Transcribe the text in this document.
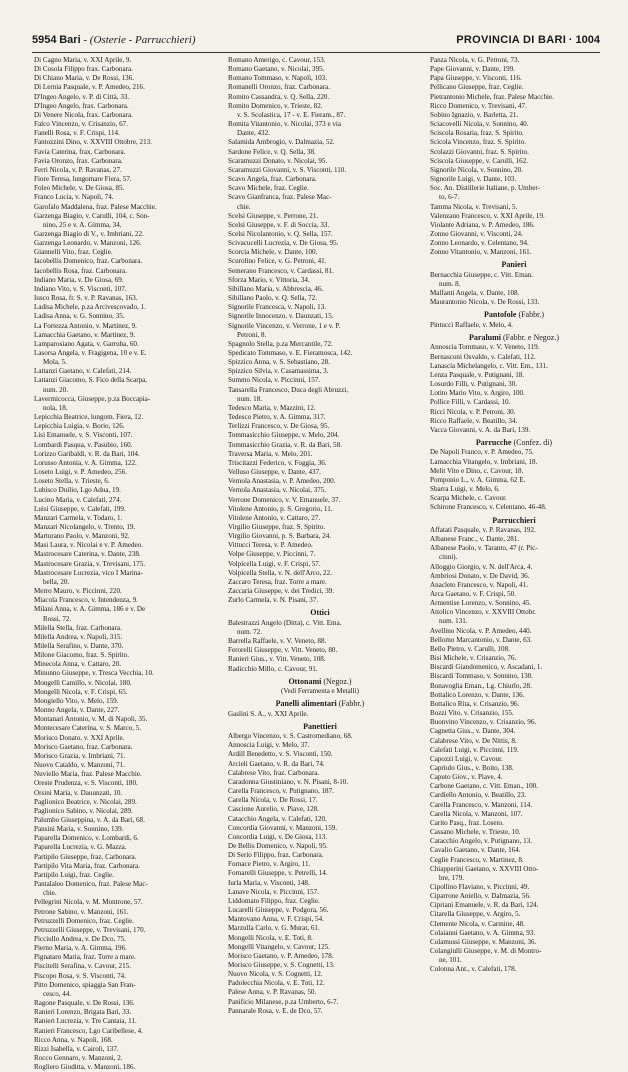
5954 Bari - (Osterie - Parrucchieri)	PROVINCIA DI BARI · 1004
Di Cagno Maria, v. XXI Aprile, 9.
Di Cosola Filippo frax. Carbonara.
Di Chiano Maria, v. De Rossi, 136.
Di Lernia Pasquale, v. P. Amedeo, 216.
D'Ingeo Angelo, v. P. di Città, 33.
D'Ingeo Angelo, frax. Carbonara.
Di Venere Nicola, frax. Carbonara.
Falco Vincenzo, v. Crisanzio, 67.
Fanelli Rosa, v. F. Crispi, 114.
Fantozzini Dino, v. XXVIII Ottobre, 213.
Favia Caterina, frax. Carbonara.
Favia Oronzo, frax. Carbonara.
Ferri Nicola, v. P. Ravanas, 27.
Fiore Teresa, lungomare Fiera, 57.
Foleo Michele, v. De Giosa, 85.
Franco Lucia, v. Napoli, 74.
Garofalo Maddalena, fraz. Palese Macchie.
Garzenga Biagio, v. Carulli, 104, c. Son-
nino, 25 e v. A. Gimma, 34.
Garzenga Biagio di V., v. Imbriani, 22.
Garzenga Leonardo, v. Manzoni, 126.
Giannelli Vito, fraz. Ceglie.
Iacobellis Domenico, fraz. Carbonara.
Iacobellis Rosa, fraz. Carbonara.
Indiano Maria, v. De Giosa, 69.
Indiano Vito, v. S. Visconti, 107.
Iusco Rosa, fr. S. v. P. Ravanas, 163.
Ladisa Michele, p.za Arcivescovado, 1.
Ladisa Anna, v. G. Sonnino, 35.
La Fortezza Antonio, v. Martinez, 9.
Lamacchia Gaetano, v. Martinez, 9.
Lamparosiano Agata, v. Garruba, 60.
Lasorsa Angela, v. Fragigena, 10 e v. E.
Mola, 5.
Lattanzi Gaetano, v. Calefati, 214.
Lattanzi Giacomo, S. Fico della Scarpa,
num. 20.
Lavermicocca, Giuseppe, p.za Boccapia-
nola, 18.
Lepicchia Beatrice, lungom. Fiera, 12.
Lepicchia Luigia, v. Borio, 126.
Lisi Emanuele, v. S. Visconti, 107.
Lombardi Pasqua, v. Pasubio, 160.
Lorizzo Garibaldi, v. R. da Bari, 104.
Lorusso Antonia, v. A. Gimma, 122.
Loseto Luigi, v. P. Amedeo, 256.
Loseto Stella, v. Trieste, 6.
Lubisco Duilio, Lgo Adua, 19.
Lucino Maria, v. Calefati, 274.
Luisi Giuseppe, v. Calefati, 199.
Manzari Carmela, v. Todaro, 1.
Manzari Nicolangelo, v. Trento, 19.
Marturano Paolo, v. Manzoni, 92.
Masi Laura, v. Nicolai e v. P. Amedeo.
Mastrocesare Caterina, v. Dante, 238.
Mastrocesare Grazia, v. Trevisani, 175.
Mastrocesare Lucrezia, vico I Marina-
bella, 20.
Merro Mauro, v. Piccinni, 220.
Miacola Francesco, v. Intendenza, 9.
Milani Anna, v. A. Gimma, 186 e v. De
Rossi, 72.
Milella Stella, fraz. Carbonara.
Milella Andrea, v. Napoli, 315.
Milella Serafino, v. Dante, 370.
Milone Giacomo, fraz. S. Spirito.
Minecola Anna, v. Cattaro, 20.
Minunno Giuseppe, v. Tresca Vecchia, 10.
Mongelli Camillo, v. Nicolai, 180.
Mongelli Nicola, v. F. Crispi, 65.
Mongiello Vito, v. Melo, 159.
Monno Angela, v. Dante, 227.
Montanari Antonio, v. M. di Napoli, 35.
Montecesare Caterina, v. S. Marco, 5.
Morisco Donato, v. XXI Aprile.
Morisco Gaetano, fraz. Carbonara.
Morisco Grazia, v. Imbriani, 71.
Nuovo Cataldo, v. Manzoni, 71.
Nuviello Maria, fraz. Palese Macchie.
Oreste Prudenza, v. S. Visconti, 180.
Orsini Maria, v. Dauunzati, 10.
Paglionico Beatrice, v. Nicolai, 289.
Paglionico Sabino, v. Nicolai, 289.
Palumbo Giuseppina, v. A. da Bari, 68.
Pansini Maria, v. Sonnino, 139.
Paparella Domenico, v. Lombardi, 6.
Paparella Lucrezia, v. G. Mazza.
Partipilo Giuseppe, fraz. Carbonara.
Partipilo Vita Maria, fraz. Carbonara.
Partipilo Luigi, fraz. Ceglie.
Pantalaleo Domenico, fraz. Palese Mac-
chie.
Pellegrini Nicola, v. M. Montrone, 57.
Petrone Sabino, v. Manzoni, 161.
Petruzzelli Domenico, fraz. Ceglie.
Petruzzelli Giuseppe, v. Trevisani, 170.
Picciullo Andrea, v. De Dco, 75.
Pierno Maria, v. A. Gimma, 196.
Pignataro Maria, fraz. Torre a mare.
Piscitelli Serafina, v. Cavour, 215.
Piscopo Rosa, v. S. Visconti, 74.
Pitto Domenico, spiaggia San Fran-
cesco, 44.
Ragone Pasquale, v. De Rossi, 136.
Ranieri Lorenzo, Brigata Bari, 33.
Ranieri Lucrezia, v. Tre Cantaia, 11.
Ranieri Francesco, Lgo Caribellese, 4.
Ricco Anna, v. Napoli, 168.
Rizzi Isabella, v. Cairoli, 137.
Rocco Gennaro, v. Manzoni, 2.
Rogliero Giuditta, v. Manzoni, 186.
Romano Amerigo, c. Cavour, 153.
Romano Gaetano, v. Nicolai, 395.
Romano Tommaso, v. Napoli, 103.
Romanelli Oronzo, fraz. Carbonara.
Romito Cassandra, v. Q. Sella, 220.
Romito Domenico, v. Trieste, 82.
v. S. Scolastica, 17 - v. E. Fieram., 87.
Romita Vitantonio, v. Nicolai, 373 e via
Dante, 432.
Salamida Ambrogio, v. Dalmazia, 52.
Sardone Felice, v. Q. Sella, 38.
Scaramuzzi Donato, v. Nicolai, 95.
Scaramuzzi Giovanni, v. S. Visconti, 110.
Scavo Angela, fraz. Carbonara.
Scavo Michele, fraz. Ceglie.
Scavo Gianfranca, fraz. Palese Mac-
chie.
Scelsi Giuseppe, v. Perrone, 21.
Scelsi Giuseppe, v. F. di Soccia, 33.
Scelsi Nicolantonio, v. Q. Sella, 157.
Scivacucelli Lucrezia, v. De Giosa, 95.
Scorcia Michele, v. Dante, 100.
Scurolino Felice, v. G. Petroni, 41.
Semerano Francesco, v. Cardassi, 81.
Sforza Mario, v. Vittoria, 34.
Sibillano Maria, v. Abbrescia, 46.
Sibillano Paolo, v. Q. Sella, 72.
Signorile Francesca, v. Napoli, 13.
Signorile Innocenzo, v. Daunzati, 15.
Signorile Vincenzo, v. Verrone, 1 e v. P.
Petroni, 8.
Spagnolo Stella, p.za Mercantile, 72.
Spedicato Tommaso, v. E. Fieramosca, 142.
Spizzico Anna, v. S. Sebastiano, 28.
Spizzico Silvia, v. Casamassima, 3.
Summo Nicola, v. Piccinni, 157.
Tansarella Francesco, Duca degli Abruzzi,
num. 18.
Tedesco Maria, v. Mazzini, 12.
Tedesco Pietro, v. A. Gimma, 317.
Terlizzi Francesco, v. De Giosa, 95.
Tommasicchio Giuseppe, v. Melo, 204.
Tommasicchio Grazia, v. R. da Bari, 58.
Traversa Maria, v. Melo, 201.
Triscitazzi Federico, v. Foggia, 36.
Velluso Giuseppe, v. Dante, 437.
Vernola Anastasia, v. P. Amedeo, 200.
Vernola Anastasia, v. Nicolai, 375.
Verrone Domenico, v. V. Emanuele, 37.
Vitolene Antonio, p. S. Gregorio, 11.
Vitolene Antonio, v. Cattaro, 27.
Virgilio Giuseppe, fraz. S. Spirito.
Virgilio Giovanni, p. S. Barbara, 24.
Vittucci Teresa, v. P. Amedeo.
Volpe Giuseppe, v. Piccinni, 7.
Volpicella Luigi, v. F. Crispi, 57.
Volpicella Stella, v. N. dell'Arco, 22.
Zaccaro Teresa, fraz. Torre a mare.
Zaccaria Giuseppe, v. dei Tredici, 39.
Zurlo Carmela, v. N. Pisani, 37.
Ottici
Balestrazzi Angelo (Ditta), c. Vitt. Ema.
num. 72.
Barrella Raffaele, v. V. Veneto, 88.
Ferorelli Giuseppe, v. Vitt. Veneto, 80.
Ranieri Gius., v. Vitt. Veneto, 108.
Radicchio Millo, c. Cavour, 91.
Ottonami (Negoz.)
(Vedi Ferramenta e Metalli)
Panelli alimentari (Fabbr.)
Gaslini S. A., v. XXI Aprile.
Panettieri
Albergo Vincenzo, v. S. Castromediano, 68.
Annoscia Luigi, v. Melo, 37.
Ardill Benedetto, v. S. Visconti, 150.
Arcieli Gaetano, v. R. da Bari, 74.
Calabrese Vito, fraz. Carbonara.
Caradonna Giustiniano, v. N. Pisani, 8-10.
Carella Francesco, v. Putignano, 187.
Carella Nicola, v. De Rossi, 17.
Cascione Aurelio, v. Piave, 128.
Catacchio Angela, v. Calefati, 120.
Concordia Giovanni, v. Manzoni, 159.
Concordia Luigi, v. De Giosa, 113.
De Bellis Domenico, v. Napoli, 95.
Di Serio Filippo, fraz. Carbonara.
Fornace Pietro, v. Argiro, 11.
Fornarelli Giuseppe, v. Petrelli, 14.
Iurla Maria, v. Visconti, 148.
Lanave Nicola, v. Piccinni, 157.
Liddomato Filippo, fraz. Ceglie.
Lucarelli Giuseppe, v. Podgora, 56.
Mantovano Anna, v. F. Crispi, 54.
Marzulla Carlo, v. G. Murat, 61.
Mongelli Nicola, v. E. Toti, 8.
Mongelli Vitangelo, v. Cavour, 125.
Morisco Gaetano, v. P. Amedeo, 178.
Morisco Giuseppe, v. S. Cognetti, 13.
Nuovo Nicola, v. S. Cognetti, 12.
Padolecchia Nicola, v. E. Toti, 12.
Palese Anna, v. P. Ravanas, 50.
Panificio Milanese, p.za Umberto, 6-7.
Pannarale Rosa, v. E. de Dco, 57.
Panza Nicola, v. G. Petroni, 73.
Pape Giovanni, v. Dante, 199.
Papa Giuseppe, v. Visconti, 116.
Pellicano Giuseppe, fraz. Ceglie.
Pietrantonio Michele, fraz. Palese Macchie.
Ricco Domenico, v. Trevisani, 47.
Sobino Ignazio, v. Barletta, 21.
Sciacovelli Nicola, v. Sonnino, 40.
Sciscola Rosaria, fraz. S. Spirito.
Scicola Vincenzo, fraz. S. Spirito.
Scolazzi Giovanni, fraz. S. Spirito.
Sciscola Giuseppe, v. Carulli, 162.
Signorile Nicola, v. Sonnino, 20.
Signorile Luigi, v. Dante, 103.
Soc. An. Distillerie Italiane, p. Umber-
to, 6-7.
Tamma Nicola, v. Trevisani, 5.
Valenzano Francesco, v. XXI Aprile, 19.
Violante Adriana, v. P. Amedeo, 186.
Zonno Giovanni, v. Visconti, 24.
Zonno Leonardo, v. Celentano, 94.
Zonno Vitantonio, v. Manzoni, 161.
Panieri
Bernacchia Giuseppe, c. Vitt. Eman.
num. 8.
Malfanti Angela, v. Dante, 108.
Maurantonio Nicola, v. De Rossi, 133.
Pantofole (Fabbr.)
Pintucci Raffaele, v. Melo, 4.
Paralumi (Fabbr. e Negoz.)
Annoscia Tommaso, v. V. Veneto, 119.
Bernasconi Osvaldo, v. Calefati, 112.
Lanascia Michelangelo, c. Vitt. Em., 131.
Lenza Pasquale, v. Putignani, 18.
Losurdo Filli, v. Putignani, 30.
Lotito Mario Vito, v. Argiro, 100.
Pollice Filli, v. Cardassi, 10.
Ricci Nicola, v. P. Petroni, 30.
Ricco Raffaele, v. Beatillo, 34.
Vacca Giovanni, v. A. da Bari, 139.
Parrucche (Confez. di)
De Napoli Franco, v. P. Amedeo, 75.
Lamacchia Vitangelo, v. Imbriani, 18.
Melit Vito e Dino, c. Cavour, 18.
Pomponio L., v. A. Gimma, 62 E.
Sbarra Luigi, v. Melo, 6.
Scarpa Michele, c. Cavour.
Schirone Francesco, v. Celentano, 46-48.
Parrucchieri
Affatati Pasquale, v. P. Ravanas, 192.
Albanese Franc., v. Dante, 281.
Albanese Paolo, v. Taranto, 47 (r. Pic-
cinni).
Alloggio Giorgio, v. N. dell'Arca, 4.
Ambriosi Donato, v. De David, 36.
Anacleto Francesco, v. Napoli, 41.
Arca Gaetano, v. F. Crispi, 50.
Armentise Lorenzo, v. Sonnino, 45.
Attolico Vincenzo, v. XXVIII Ottobr.
num. 131.
Avellino Nicola, v. P. Amedeo, 440.
Bellomo Marcantonio, v. Dante, 63.
Bello Pietro, v. Carulli, 108.
Bisi Michele, v. Crisanzio, 76.
Biscardi Giandomenico, v. Ascadani, 1.
Biscardi Tommaso, v. Sonnino, 130.
Bonavoglia Eman., Lg. Chiurlo, 28.
Bottalico Lorenzo, v. Dante, 136.
Bottalico Rita, v. Crisanzio, 96.
Bozzi Vito, v. Crisanzio, 155.
Buonvino Vincenzo, v. Crisanzio, 96.
Cagnetta Gius., v. Dante, 304.
Calabrese Vito, v. De Nittis, 8.
Calefati Luigi, v. Piccinni, 119.
Capozzi Luigi, v. Cavour.
Capriulo Gius., v. Boito, 138.
Caputo Giov., v. Piave, 4.
Carbone Gaetano, c. Vitt. Eman., 100.
Cardiello Antonio, v. Beatillo, 23.
Carella Francesco, v. Manzoni, 114.
Carella Nicola, v. Manzoni, 107.
Carito Pasq., fraz. Loseto.
Cassano Michele, v. Trieste, 10.
Catacchio Angelo, v. Putignano, 13.
Cavalio Gaetano, v. Dante, 164.
Ceglie Francesco, v. Martinez, 8.
Chiapperini Gaetano, v. XXVIII Otto-
bre, 179.
Cipollino Flaviano, v. Piccinni, 49.
Ciparrone Aniello, v. Dalmazia, 56.
Cipriani Emanuele, v. R. da Bari, 124.
Citarella Giuseppe, v. Argiro, 5.
Clemente Nicola, v. Carmine, 48.
Colaianni Gaetano, v. A. Gimma, 93.
Colamussi Giuseppe, v. Manzoni, 36.
Colangiulli Giuseppe, v. M. di Montro-
ne, 101.
Colonna Ant., v. Calefati, 178.
